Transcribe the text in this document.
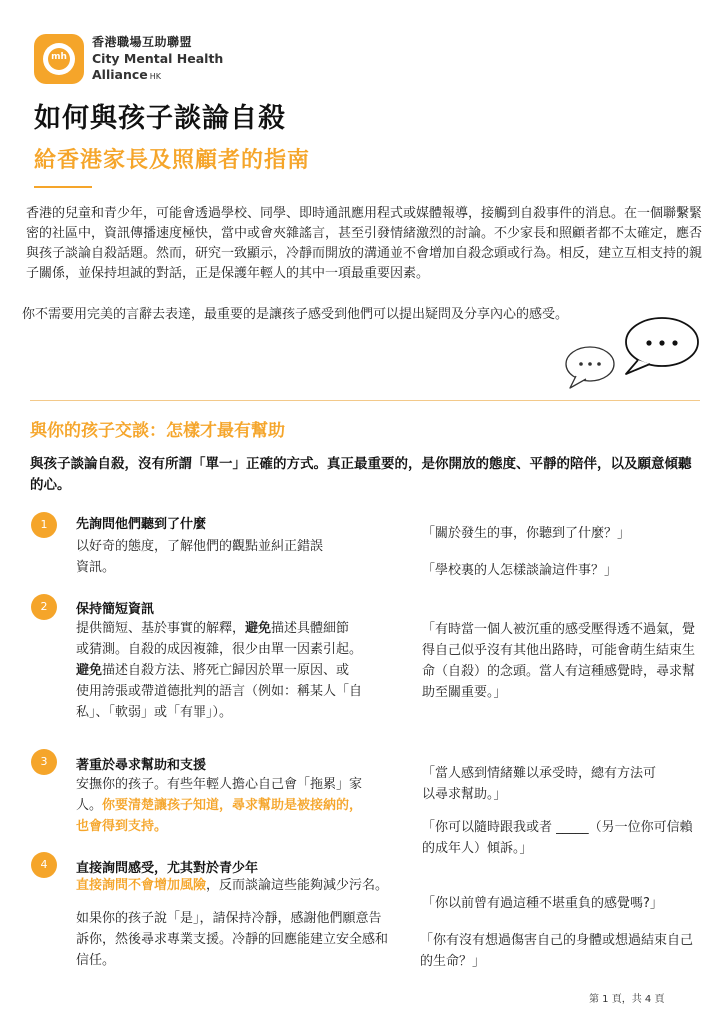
mh
香港職場互助聯盟
City Mental Health
Alliance HK
如何與孩子談論自殺
給香港家長及照顧者的指南
香港的兒童和青少年，可能會透過學校、同學、即時通訊應用程式或媒體報導，接觸到自殺事件的消息。在一個聯繫緊密的社區中，資訊傳播速度極快，當中或會夾雜謠言，甚至引發情緒激烈的討論。不少家長和照顧者都不太確定，應否與孩子談論自殺話題。然而，研究一致顯示，冷靜而開放的溝通並不會增加自殺念頭或行為。相反，建立互相支持的親子關係，並保持坦誠的對話，正是保護年輕人的其中一項最重要因素。
你不需要用完美的言辭去表達，最重要的是讓孩子感受到他們可以提出疑問及分享內心的感受。
與你的孩子交談：怎樣才最有幫助
與孩子談論自殺，沒有所謂「單一」正確的方式。真正最重要的，是你開放的態度、平靜的陪伴，以及願意傾聽的心。
1	先詢問他們聽到了什麼
以好奇的態度，了解他們的觀點並糾正錯誤資訊。
「關於發生的事，你聽到了什麼？」
「學校裏的人怎樣談論這件事？」
2	保持簡短資訊
提供簡短、基於事實的解釋，避免描述具體細節或猜測。自殺的成因複雜，很少由單一因素引起。避免描述自殺方法、將死亡歸因於單一原因、或使用誇張或帶道德批判的語言（例如：稱某人「自私」、「軟弱」或「有罪」）。
「有時當一個人被沉重的感受壓得透不過氣，覺得自己似乎沒有其他出路時，可能會萌生結束生命（自殺）的念頭。當人有這種感覺時，尋求幫助至關重要。」
3	著重於尋求幫助和支援
安撫你的孩子。有些年輕人擔心自己會「拖累」家人。你要清楚讓孩子知道，尋求幫助是被接納的，也會得到支持。
「當人感到情緒難以承受時，總有方法可以尋求幫助。」
「你可以隨時跟我或者 _____（另一位你可信賴的成年人）傾訴。」
4	直接詢問感受，尤其對於青少年
直接詢問不會增加風險，反而談論這些能夠減少污名。
如果你的孩子說「是」，請保持冷靜，感謝他們願意告訴你，然後尋求專業支援。冷靜的回應能建立安全感和信任。
「你以前曾有過這種不堪重負的感覺嗎?」
「你有沒有想過傷害自己的身體或想過結束自己的生命？」
第 1 頁，共 4 頁
